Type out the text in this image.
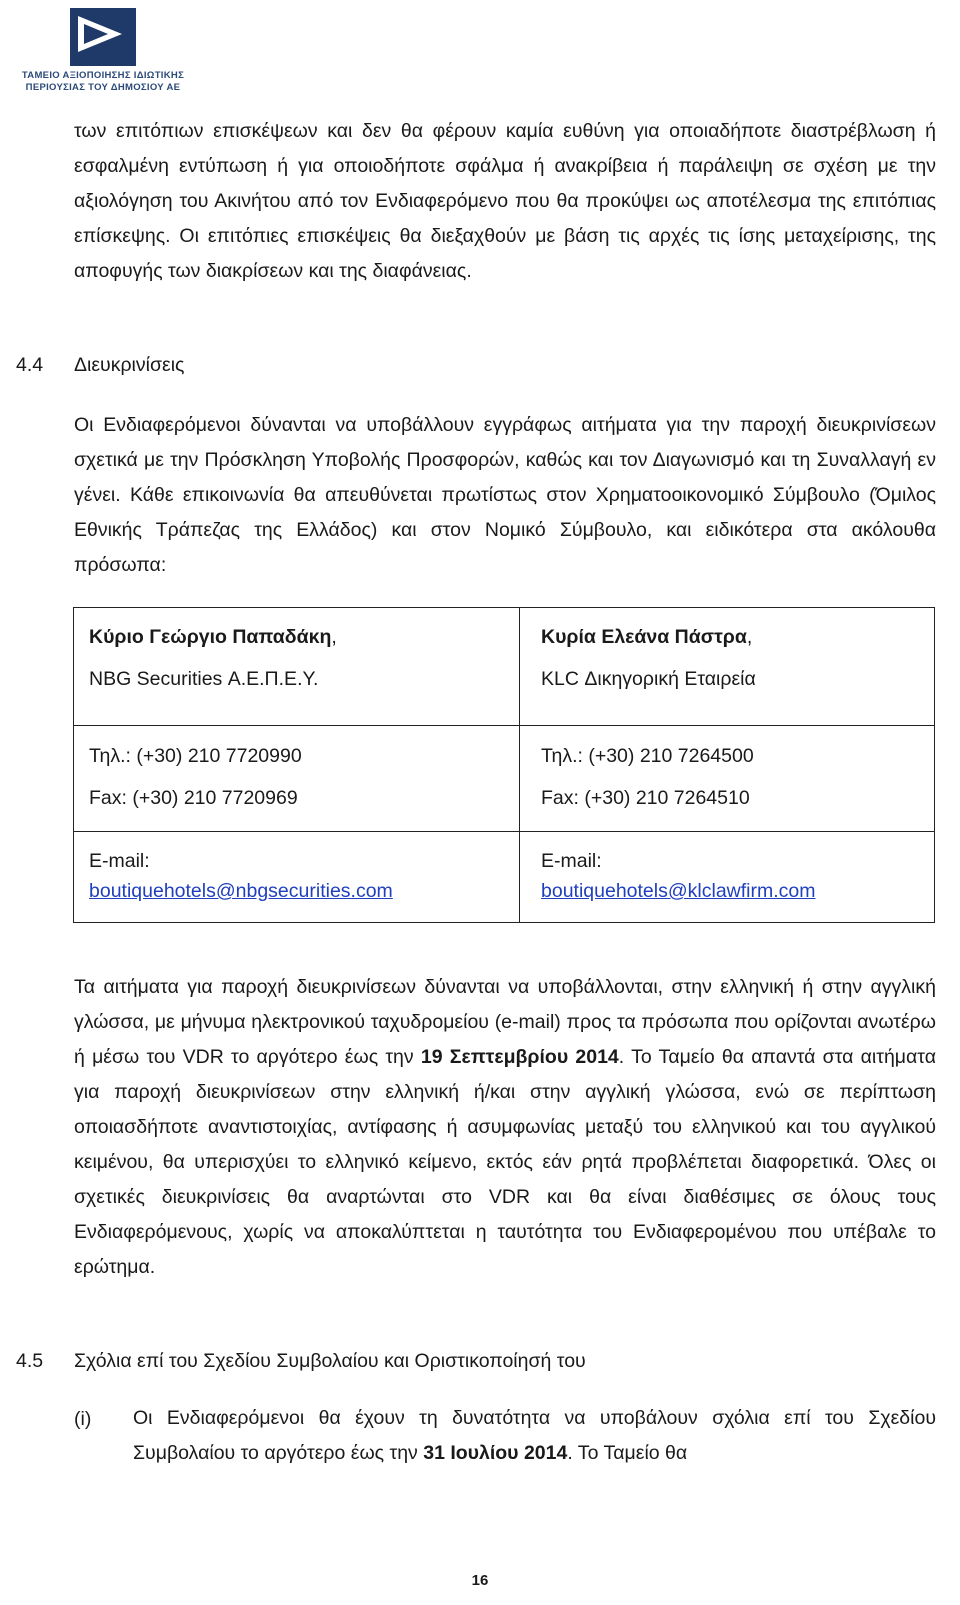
ΤΑΜΕΙΟ ΑΞΙΟΠΟΙΗΣΗΣ ΙΔΙΩΤΙΚΗΣ
ΠΕΡΙΟΥΣΙΑΣ ΤΟΥ ΔΗΜΟΣΙΟΥ ΑΕ
των επιτόπιων επισκέψεων και δεν θα φέρουν καμία ευθύνη για οποιαδήποτε διαστρέβλωση ή εσφαλμένη εντύπωση ή για οποιοδήποτε σφάλμα ή ανακρίβεια ή παράλειψη σε σχέση με την αξιολόγηση του Ακινήτου από τον Ενδιαφερόμενο που θα προκύψει ως αποτέλεσμα της επιτόπιας επίσκεψης. Οι επιτόπιες επισκέψεις θα διεξαχθούν με βάση τις αρχές τις ίσης μεταχείρισης, της αποφυγής των διακρίσεων και της διαφάνειας.
4.4 Διευκρινίσεις
Οι Ενδιαφερόμενοι δύνανται να υποβάλλουν εγγράφως αιτήματα για την παροχή διευκρινίσεων σχετικά με την Πρόσκληση Υποβολής Προσφορών, καθώς και τον Διαγωνισμό και τη Συναλλαγή εν γένει. Κάθε επικοινωνία θα απευθύνεται πρωτίστως στον Χρηματοοικονομικό Σύμβουλο (Όμιλος Εθνικής Τράπεζας της Ελλάδος) και στον Νομικό Σύμβουλο, και ειδικότερα στα ακόλουθα πρόσωπα:
Κύριο Γεώργιο Παπαδάκη,
NBG Securities Α.Ε.Π.Ε.Υ.
Τηλ.: (+30) 210 7720990
Fax: (+30) 210 7720969
E-mail:
boutiquehotels@nbgsecurities.com
Κυρία Ελεάνα Πάστρα,
KLC Δικηγορική Εταιρεία
Τηλ.: (+30) 210 7264500
Fax: (+30) 210 7264510
E-mail:
boutiquehotels@klclawfirm.com
Τα αιτήματα για παροχή διευκρινίσεων δύνανται να υποβάλλονται, στην ελληνική ή στην αγγλική γλώσσα, με μήνυμα ηλεκτρονικού ταχυδρομείου (e-mail) προς τα πρόσωπα που ορίζονται ανωτέρω ή μέσω του VDR το αργότερο έως την 19 Σεπτεμβρίου 2014. Το Ταμείο θα απαντά στα αιτήματα για παροχή διευκρινίσεων στην ελληνική ή/και στην αγγλική γλώσσα, ενώ σε περίπτωση οποιασδήποτε αναντιστοιχίας, αντίφασης ή ασυμφωνίας μεταξύ του ελληνικού και του αγγλικού κειμένου, θα υπερισχύει το ελληνικό κείμενο, εκτός εάν ρητά προβλέπεται διαφορετικά. Όλες οι σχετικές διευκρινίσεις θα αναρτώνται στο VDR και θα είναι διαθέσιμες σε όλους τους Ενδιαφερόμενους, χωρίς να αποκαλύπτεται η ταυτότητα του Ενδιαφερομένου που υπέβαλε το ερώτημα.
4.5 Σχόλια επί του Σχεδίου Συμβολαίου και Οριστικοποίησή του
(i) Οι Ενδιαφερόμενοι θα έχουν τη δυνατότητα να υποβάλουν σχόλια επί του Σχεδίου Συμβολαίου το αργότερο έως την 31 Ιουλίου 2014. Το Ταμείο θα
16
